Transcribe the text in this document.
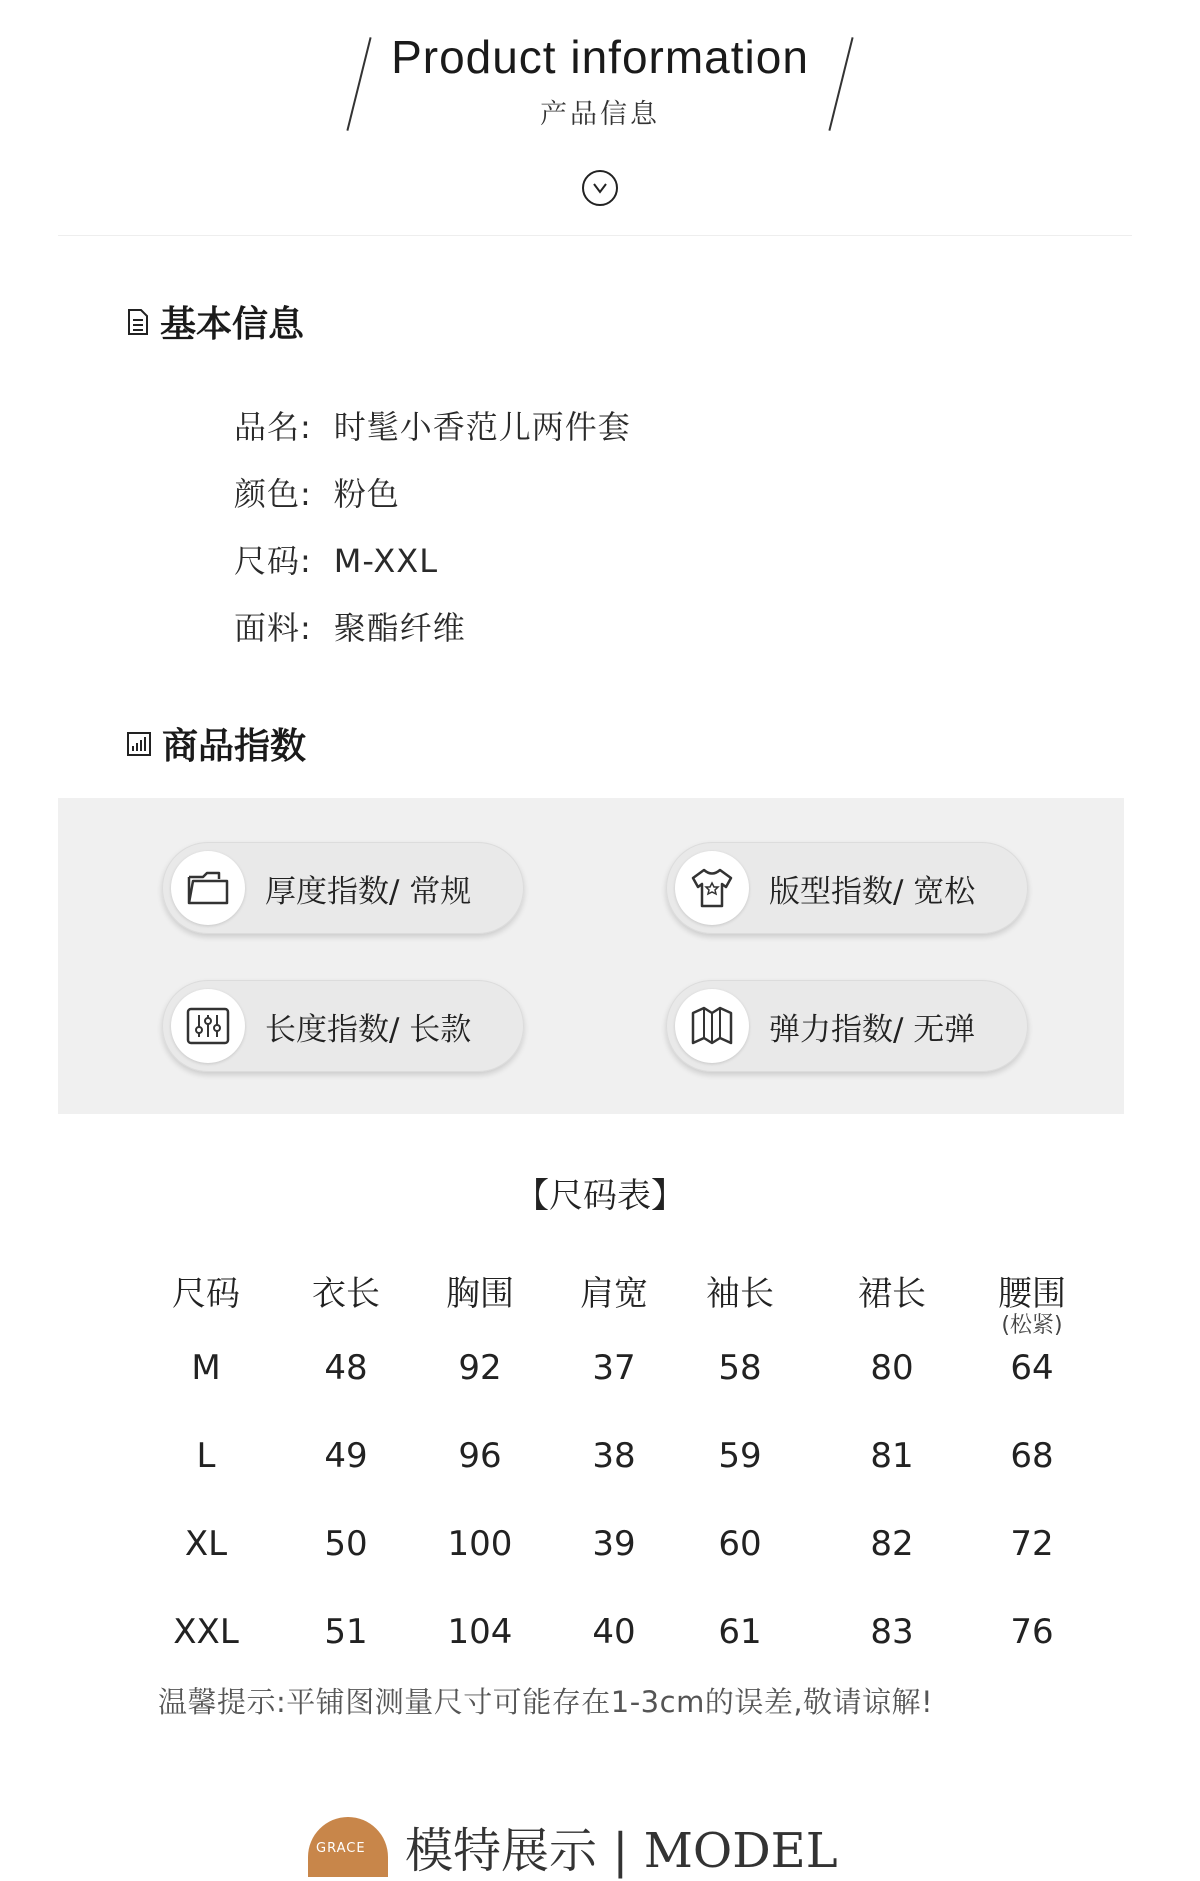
Product information
产品信息
基本信息
品名: 时髦小香范儿两件套
颜色: 粉色
尺码: M-XXL
面料: 聚酯纤维
商品指数
厚度指数/ 常规	版型指数/ 宽松
长度指数/ 长款	弹力指数/ 无弹
【尺码表】
尺码 衣长 胸围 肩宽 袖长 裙长 腰围
(松紧)
M	48	92	37 58	80	64
L	49	96	38 59	81	68
XL	50 100 39 60	82	72
XXL	51 104 40 61	83	76
温馨提示:平铺图测量尺寸可能存在1-3cm的误差,敬请谅解!
GRACE 模特展示 | MODEL
